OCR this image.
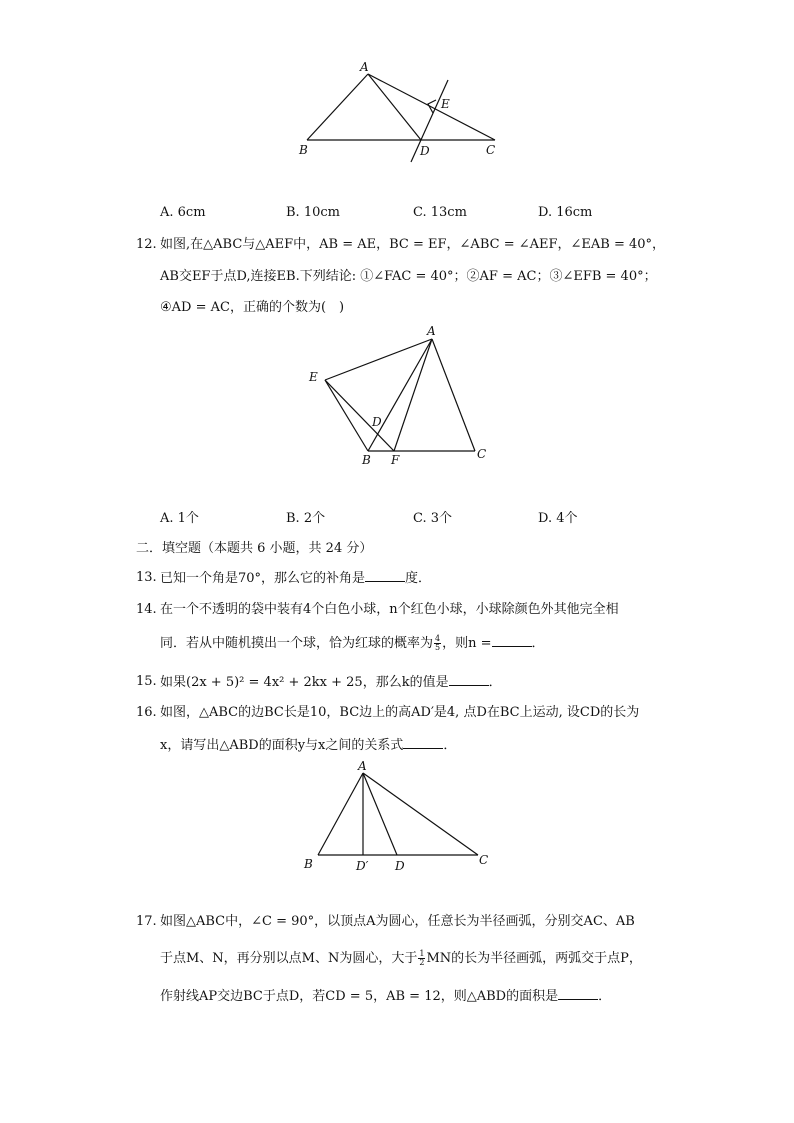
A
E
B	D	C
A. 6cm	B. 10cm	C. 13cm	D. 16cm
12. 如图,在△ABC与△AEF中，AB = AE，BC = EF，∠ABC = ∠AEF，∠EAB = 40°，
AB交EF于点D,连接EB.下列结论: ①∠FAC = 40°；②AF = AC；③∠EFB = 40°；
④AD = AC，正确的个数为(　)
A
E
D
B F	C
A. 1个	B. 2个	C. 3个	D. 4个
二．填空题（本题共 6 小题，共 24 分）
13. 已知一个角是70°，那么它的补角是	度．
14. 在一个不透明的袋中装有4个白色小球，n个红色小球，小球除颜色外其他完全相
同．若从中随机摸出一个球，恰为红球的概率为 $\frac{4}{5}$ ，则n =	．
15. 如果(2x + 5)² = 4x² + 2kx + 25，那么k的值是	．
16. 如图，△ABC的边BC长是10，BC边上的高AD′是4, 点D在BC上运动, 设CD的长为
x，请写出△ABD的面积y与x之间的关系式	．
A
B	D′ D	C
17. 如图△ABC中，∠C = 90°，以顶点A为圆心，任意长为半径画弧，分别交AC、AB
于点M、N，再分别以点M、N为圆心，大于 $\frac{1}{2}$ MN的长为半径画弧，两弧交于点P，
作射线AP交边BC于点D，若CD = 5，AB = 12，则△ABD的面积是	．
